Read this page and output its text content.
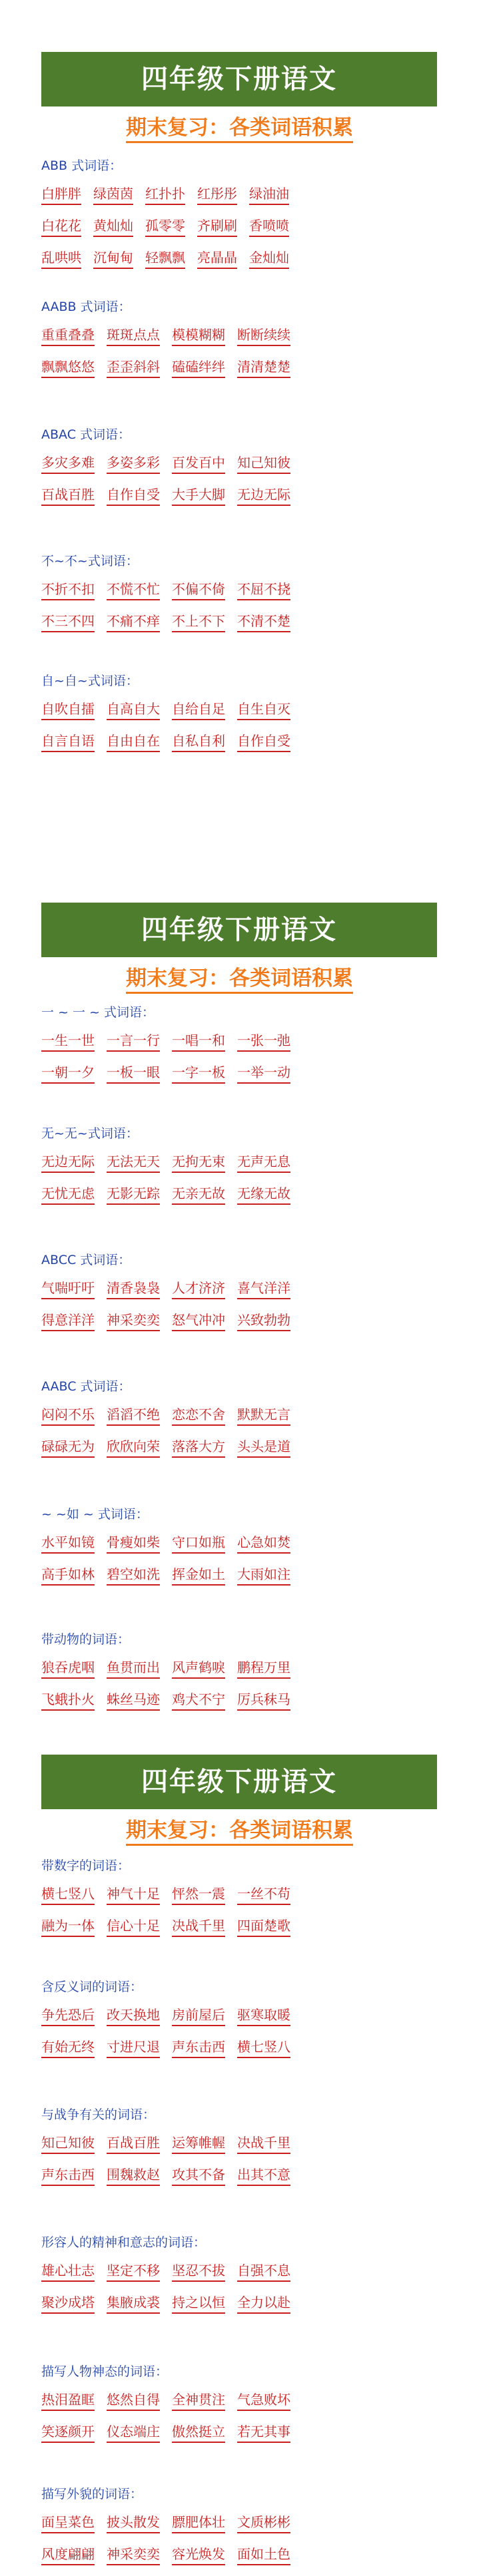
四年级下册语文
期末复习：各类词语积累
ABB 式词语：
白胖胖 绿茵茵 红扑扑 红彤彤 绿油油
白花花 黄灿灿 孤零零 齐刷刷 香喷喷
乱哄哄 沉甸甸 轻飘飘 亮晶晶 金灿灿
AABB 式词语：
重重叠叠 斑斑点点 模模糊糊 断断续续
飘飘悠悠 歪歪斜斜 磕磕绊绊 清清楚楚
ABAC 式词语：
多灾多难 多姿多彩 百发百中 知己知彼
百战百胜 自作自受 大手大脚 无边无际
不~不~式词语：
不折不扣 不慌不忙 不偏不倚 不屈不挠
不三不四 不痛不痒 不上不下 不清不楚
自~自~式词语：
自吹自擂 自高自大 自给自足 自生自灭
自言自语 自由自在 自私自利 自作自受
四年级下册语文
期末复习：各类词语积累
一 ~ 一 ~ 式词语：
一生一世 一言一行 一唱一和 一张一弛
一朝一夕 一板一眼 一字一板 一举一动
无~无~式词语：
无边无际 无法无天 无拘无束 无声无息
无忧无虑 无影无踪 无亲无故 无缘无故
ABCC 式词语：
气喘吁吁 清香袅袅 人才济济 喜气洋洋
得意洋洋 神采奕奕 怒气冲冲 兴致勃勃
AABC 式词语：
闷闷不乐 滔滔不绝 恋恋不舍 默默无言
碌碌无为 欣欣向荣 落落大方 头头是道
~ ~如 ~ 式词语：
水平如镜 骨瘦如柴 守口如瓶 心急如焚
高手如林 碧空如洗 挥金如土 大雨如注
带动物的词语：
狼吞虎咽 鱼贯而出 风声鹤唳 鹏程万里
飞蛾扑火 蛛丝马迹 鸡犬不宁 厉兵秣马
四年级下册语文
期末复习：各类词语积累
带数字的词语：
横七竖八 神气十足 怦然一震 一丝不苟
融为一体 信心十足 决战千里 四面楚歌
含反义词的词语：
争先恐后 改天换地 房前屋后 驱寒取暖
有始无终 寸进尺退 声东击西 横七竖八
与战争有关的词语：
知己知彼 百战百胜 运筹帷幄 决战千里
声东击西 围魏救赵 攻其不备 出其不意
形容人的精神和意志的词语：
雄心壮志 坚定不移 坚忍不拔 自强不息
聚沙成塔 集腋成裘 持之以恒 全力以赴
描写人物神态的词语：
热泪盈眶 悠然自得 全神贯注 气急败坏
笑逐颜开 仪态端庄 傲然挺立 若无其事
描写外貌的词语：
面呈菜色 披头散发 膘肥体壮 文质彬彬
风度翩翩 神采奕奕 容光焕发 面如土色
